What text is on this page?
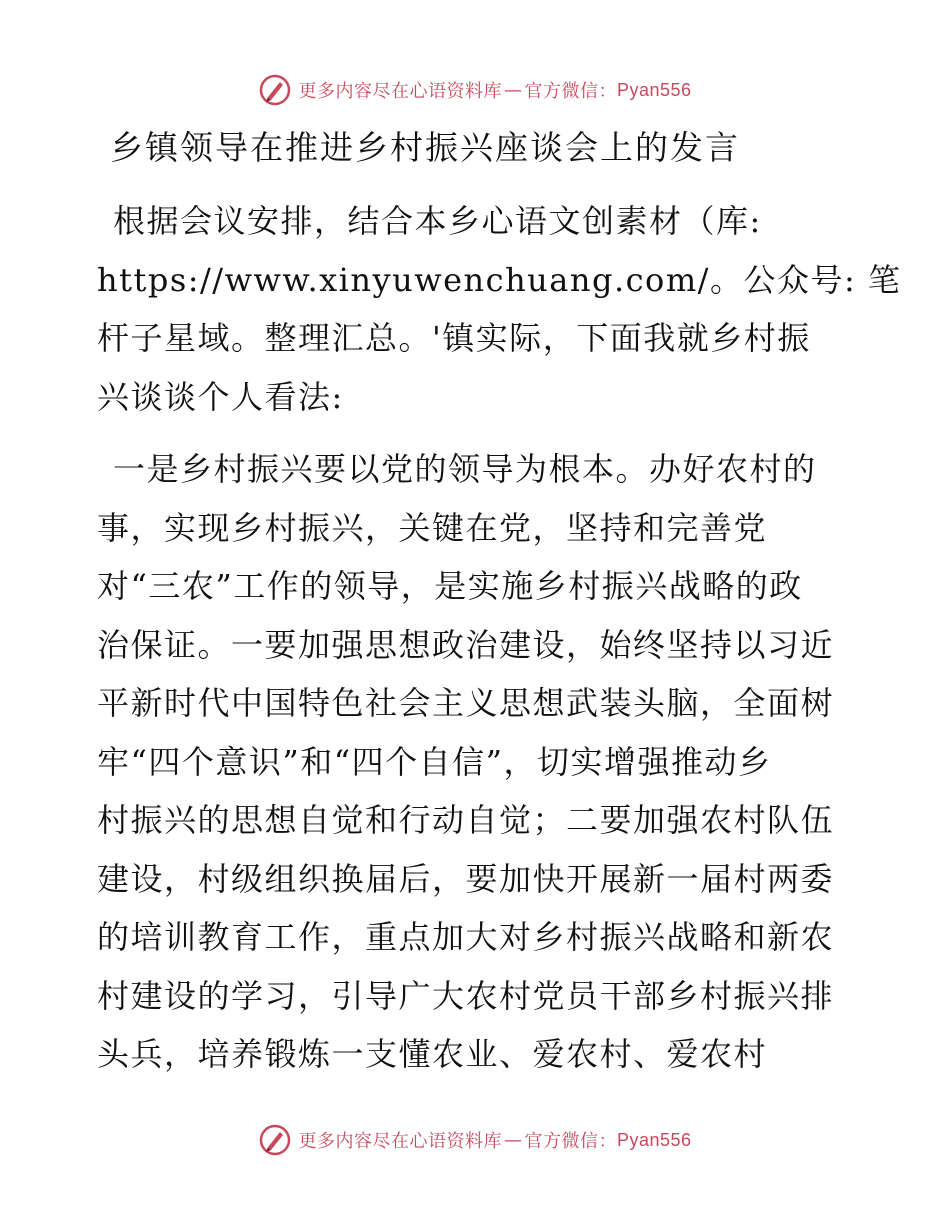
更多内容尽在心语资料库 — 官方微信： Pyan556
乡镇领导在推进乡村振兴座谈会上的发言
根据会议安排，结合本乡心语文创素材（库:
https://www.xinyuwenchuang.com/。公众号: 笔
杆子星域。整理汇总。'镇实际，下面我就乡村振
兴谈谈个人看法:
一是乡村振兴要以党的领导为根本。办好农村的
事，实现乡村振兴，关键在党，坚持和完善党
对“三农”工作的领导，是实施乡村振兴战略的政
治保证。一要加强思想政治建设，始终坚持以习近
平新时代中国特色社会主义思想武装头脑，全面树
牢“四个意识”和“四个自信”，切实增强推动乡
村振兴的思想自觉和行动自觉；二要加强农村队伍
建设，村级组织换届后，要加快开展新一届村两委
的培训教育工作，重点加大对乡村振兴战略和新农
村建设的学习，引导广大农村党员干部乡村振兴排
头兵，培养锻炼一支懂农业、爱农村、爱农村
更多内容尽在心语资料库 — 官方微信： Pyan556
